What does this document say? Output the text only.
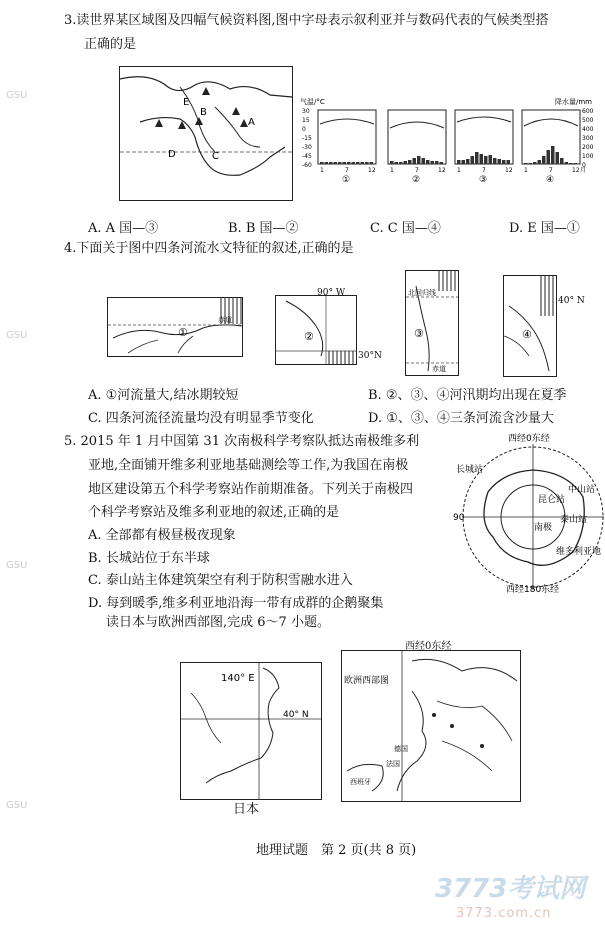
3.读世界某区域图及四幅气候资料图,图中字母表示叙利亚并与数码代表的气候类型搭
正确的是
E
B
A
C
D
气温/°C	降水量/mm
30
15
0
-15
-30
-45
-60
600
500
400
300
200
100
0
1	7	12
①
1	7	12
②
1	7	12
③
1	7	12 月
④
A. A 国—③	B. B 国—②	C. C 国—④	D. E 国—①
4.下面关于图中四条河流水文特征的叙述,正确的是
①
赤道
②
90° W
30°N
北回归线
③
赤道
④
40° N
A. ①河流量大,结冰期较短	B. ②、③、④河汛期均出现在夏季
C. 四条河流径流量均没有明显季节变化	D. ①、③、④三条河流含沙量大
5. 2015 年 1 月中国第 31 次南极科学考察队抵达南极维多利
亚地,全面铺开维多利亚地基础测绘等工作,为我国在南极
地区建设第五个科学考察站作前期准备。下列关于南极四
个科学考察站及维多利亚地的叙述,正确的是
A. 全部都有极昼极夜现象
B. 长城站位于东半球
C. 泰山站主体建筑架空有利于防积雪融水进入
D. 每到暖季,维多利亚地沿海一带有成群的企鹅聚集
西经0东经
西经180东经
90
长城站
昆仑站
中山站
泰山站
南极
维多利亚地
读日本与欧洲西部图,完成 6～7 小题。
140° E
40° N
日本
欧洲西部图
德国
法国
西班牙
西经0东经
地理试题　第 2 页(共 8 页)
3773考试网
3773.com.cn
GSU
GSU
GSU
GSU
